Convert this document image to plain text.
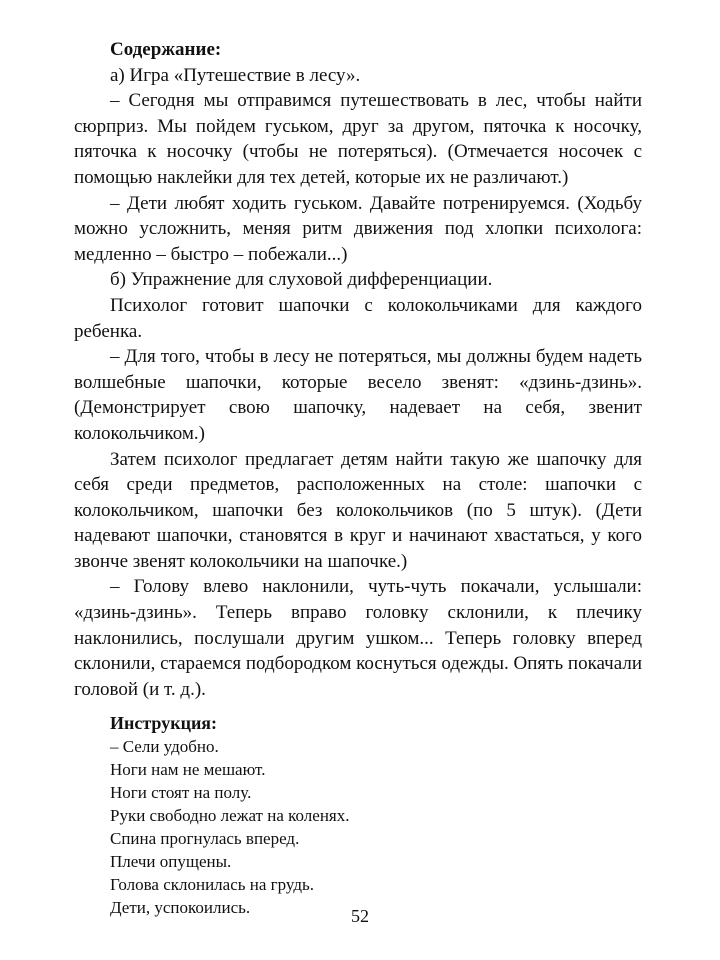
Содержание:

а) Игра «Путешествие в лесу».

– Сегодня мы отправимся путешествовать в лес, чтобы найти сюрприз. Мы пойдем гуськом, друг за другом, пяточка к носочку, пяточка к носочку (чтобы не потеряться). (Отмечается носочек с помощью наклейки для тех детей, которые их не различают.)

– Дети любят ходить гуськом. Давайте потренируемся. (Ходьбу можно усложнить, меняя ритм движения под хлопки психолога: медленно – быстро – побежали...)

б) Упражнение для слуховой дифференциации.

Психолог готовит шапочки с колокольчиками для каждого ребенка.

– Для того, чтобы в лесу не потеряться, мы должны будем надеть волшебные шапочки, которые весело звенят: «дзинь-дзинь». (Демонстрирует свою шапочку, надевает на себя, звенит колокольчиком.)

Затем психолог предлагает детям найти такую же шапочку для себя среди предметов, расположенных на столе: шапочки с колокольчиком, шапочки без колокольчиков (по 5 штук). (Дети надевают шапочки, становятся в круг и начинают хвастаться, у кого звонче звенят колокольчики на шапочке.)

– Голову влево наклонили, чуть-чуть покачали, услышали: «дзинь-дзинь». Теперь вправо головку склонили, к плечику наклонились, послушали другим ушком... Теперь головку вперед склонили, стараемся подбородком коснуться одежды. Опять покачали головой (и т. д.).

Инструкция:

– Сели удобно.
Ноги нам не мешают.
Ноги стоят на полу.
Руки свободно лежат на коленях.
Спина прогнулась вперед.
Плечи опущены.
Голова склонилась на грудь.
Дети, успокоились.	52
